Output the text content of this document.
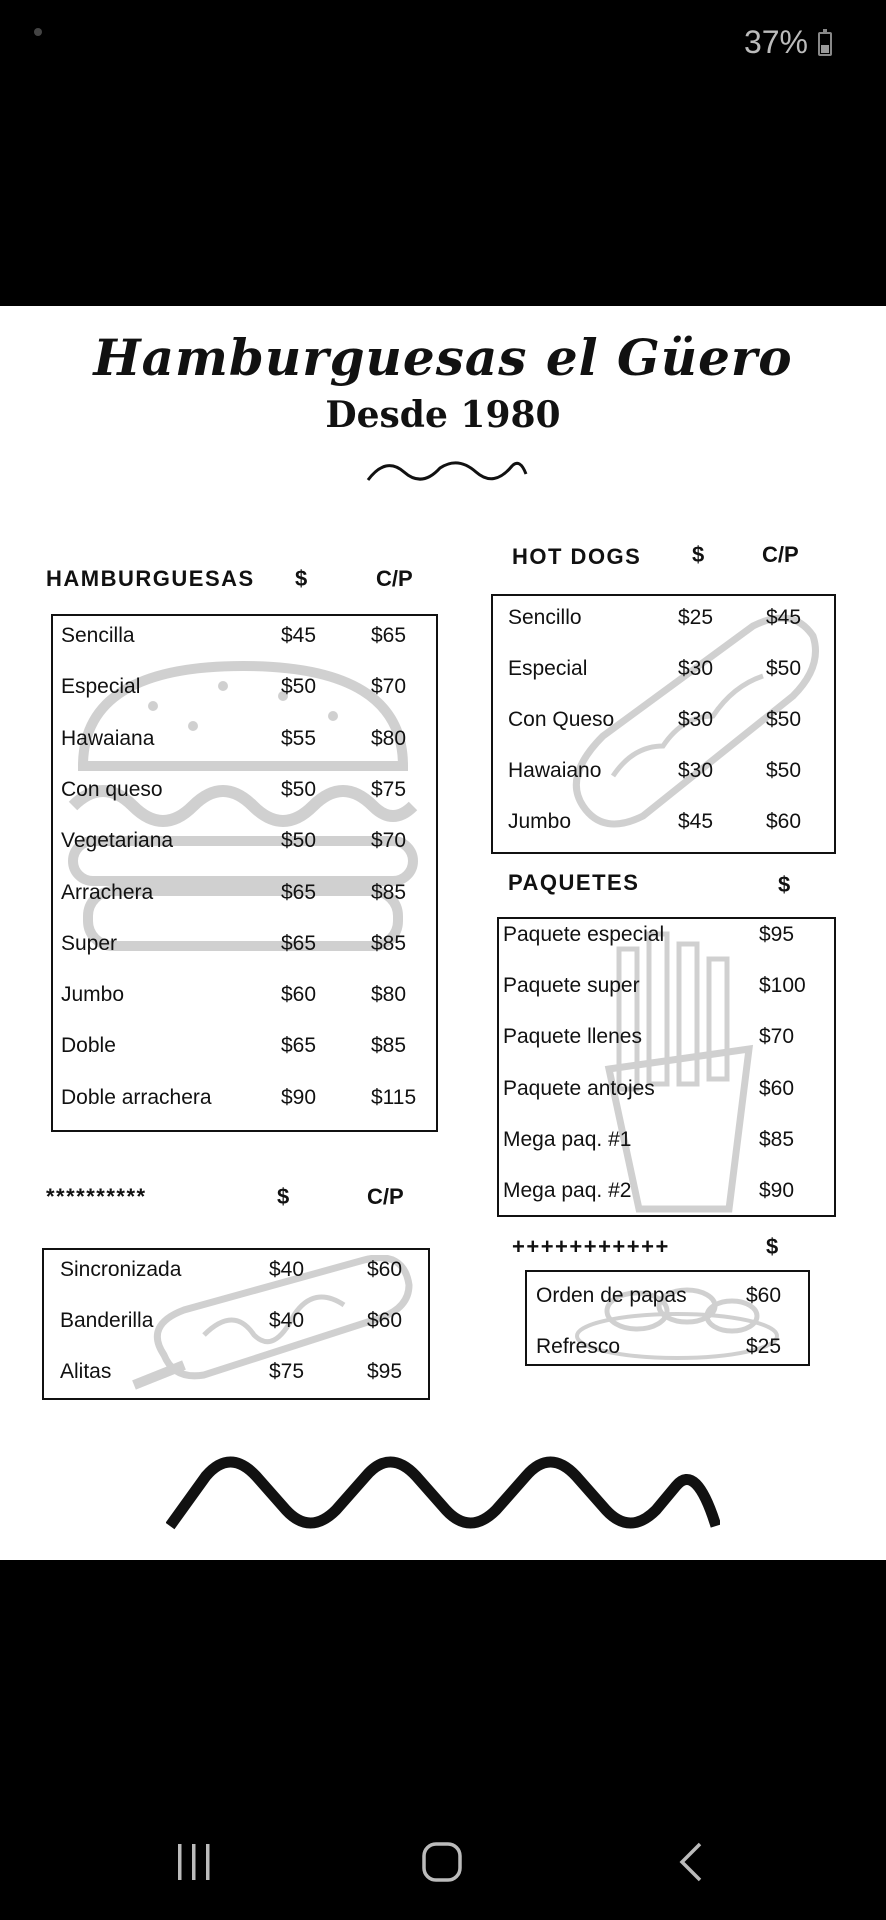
37%
Hamburguesas el Güero
Desde 1980
HAMBURGUESAS $	C/P
Sencilla	$45	$65
Especial	$50	$70
Hawaiana	$55	$80
Con queso	$50	$75
Vegetariana	$50	$70
Arrachera	$65	$85
Super	$65	$85
Jumbo	$60	$80
Doble	$65	$85
Doble arrachera	$90	$115
HOT DOGS $	C/P
Sencillo	$25	$45
Especial	$30	$50
Con Queso	$30	$50
Hawaiano	$30	$50
Jumbo	$45	$60
PAQUETES	$
Paquete especial	$95
Paquete super	$100
Paquete llenes	$70
Paquete antojes	$60
Mega paq. #1	$85
Mega paq. #2	$90
**********	$	C/P
Sincronizada	$40	$60
Banderilla	$40	$60
Alitas	$75	$95
+++++++++++	$
Orden de papas	$60
Refresco	$25
